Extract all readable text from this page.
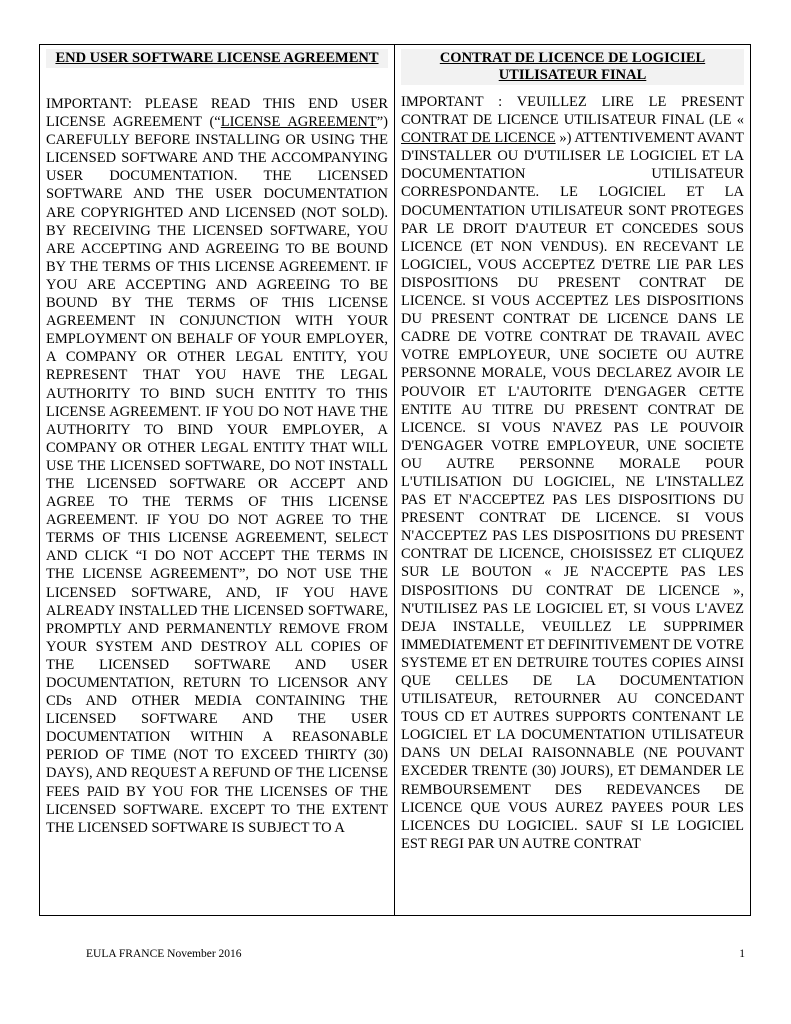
END USER SOFTWARE LICENSE AGREEMENT

IMPORTANT: PLEASE READ THIS END USER LICENSE AGREEMENT (“LICENSE AGREEMENT”) CAREFULLY BEFORE INSTALLING OR USING THE LICENSED SOFTWARE AND THE ACCOMPANYING USER DOCUMENTATION. THE LICENSED SOFTWARE AND THE USER DOCUMENTATION ARE COPYRIGHTED AND LICENSED (NOT SOLD). BY RECEIVING THE LICENSED SOFTWARE, YOU ARE ACCEPTING AND AGREEING TO BE BOUND BY THE TERMS OF THIS LICENSE AGREEMENT. IF YOU ARE ACCEPTING AND AGREEING TO BE BOUND BY THE TERMS OF THIS LICENSE AGREEMENT IN CONJUNCTION WITH YOUR EMPLOYMENT ON BEHALF OF YOUR EMPLOYER, A COMPANY OR OTHER LEGAL ENTITY, YOU REPRESENT THAT YOU HAVE THE LEGAL AUTHORITY TO BIND SUCH ENTITY TO THIS LICENSE AGREEMENT. IF YOU DO NOT HAVE THE AUTHORITY TO BIND YOUR EMPLOYER, A COMPANY OR OTHER LEGAL ENTITY THAT WILL USE THE LICENSED SOFTWARE, DO NOT INSTALL THE LICENSED SOFTWARE OR ACCEPT AND AGREE TO THE TERMS OF THIS LICENSE AGREEMENT. IF YOU DO NOT AGREE TO THE TERMS OF THIS LICENSE AGREEMENT, SELECT AND CLICK “I DO NOT ACCEPT THE TERMS IN THE LICENSE AGREEMENT”, DO NOT USE THE LICENSED SOFTWARE, AND, IF YOU HAVE ALREADY INSTALLED THE LICENSED SOFTWARE, PROMPTLY AND PERMANENTLY REMOVE FROM YOUR SYSTEM AND DESTROY ALL COPIES OF THE LICENSED SOFTWARE AND USER DOCUMENTATION, RETURN TO LICENSOR ANY CDs AND OTHER MEDIA CONTAINING THE LICENSED SOFTWARE AND THE USER DOCUMENTATION WITHIN A REASONABLE PERIOD OF TIME (NOT TO EXCEED THIRTY (30) DAYS), AND REQUEST A REFUND OF THE LICENSE FEES PAID BY YOU FOR THE LICENSES OF THE LICENSED SOFTWARE. EXCEPT TO THE EXTENT THE LICENSED SOFTWARE IS SUBJECT TO A

CONTRAT DE LICENCE DE LOGICIEL UTILISATEUR FINAL

IMPORTANT : VEUILLEZ LIRE LE PRESENT CONTRAT DE LICENCE UTILISATEUR FINAL (LE « CONTRAT DE LICENCE ») ATTENTIVEMENT AVANT D'INSTALLER OU D'UTILISER LE LOGICIEL ET LA DOCUMENTATION UTILISATEUR CORRESPONDANTE. LE LOGICIEL ET LA DOCUMENTATION UTILISATEUR SONT PROTEGES PAR LE DROIT D'AUTEUR ET CONCEDES SOUS LICENCE (ET NON VENDUS). EN RECEVANT LE LOGICIEL, VOUS ACCEPTEZ D'ETRE LIE PAR LES DISPOSITIONS DU PRESENT CONTRAT DE LICENCE. SI VOUS ACCEPTEZ LES DISPOSITIONS DU PRESENT CONTRAT DE LICENCE DANS LE CADRE DE VOTRE CONTRAT DE TRAVAIL AVEC VOTRE EMPLOYEUR, UNE SOCIETE OU AUTRE PERSONNE MORALE, VOUS DECLAREZ AVOIR LE POUVOIR ET L'AUTORITE D'ENGAGER CETTE ENTITE AU TITRE DU PRESENT CONTRAT DE LICENCE. SI VOUS N'AVEZ PAS LE POUVOIR D'ENGAGER VOTRE EMPLOYEUR, UNE SOCIETE OU AUTRE PERSONNE MORALE POUR L'UTILISATION DU LOGICIEL, NE L'INSTALLEZ PAS ET N'ACCEPTEZ PAS LES DISPOSITIONS DU PRESENT CONTRAT DE LICENCE. SI VOUS N'ACCEPTEZ PAS LES DISPOSITIONS DU PRESENT CONTRAT DE LICENCE, CHOISISSEZ ET CLIQUEZ SUR LE BOUTON « JE N'ACCEPTE PAS LES DISPOSITIONS DU CONTRAT DE LICENCE », N'UTILISEZ PAS LE LOGICIEL ET, SI VOUS L'AVEZ DEJA INSTALLE, VEUILLEZ LE SUPPRIMER IMMEDIATEMENT ET DEFINITIVEMENT DE VOTRE SYSTEME ET EN DETRUIRE TOUTES COPIES AINSI QUE CELLES DE LA DOCUMENTATION UTILISATEUR, RETOURNER AU CONCEDANT TOUS CD ET AUTRES SUPPORTS CONTENANT LE LOGICIEL ET LA DOCUMENTATION UTILISATEUR DANS UN DELAI RAISONNABLE (NE POUVANT EXCEDER TRENTE (30) JOURS), ET DEMANDER LE REMBOURSEMENT DES REDEVANCES DE LICENCE QUE VOUS AUREZ PAYEES POUR LES LICENCES DU LOGICIEL. SAUF SI LE LOGICIEL EST REGI PAR UN AUTRE CONTRAT

EULA FRANCE November 2016	1
